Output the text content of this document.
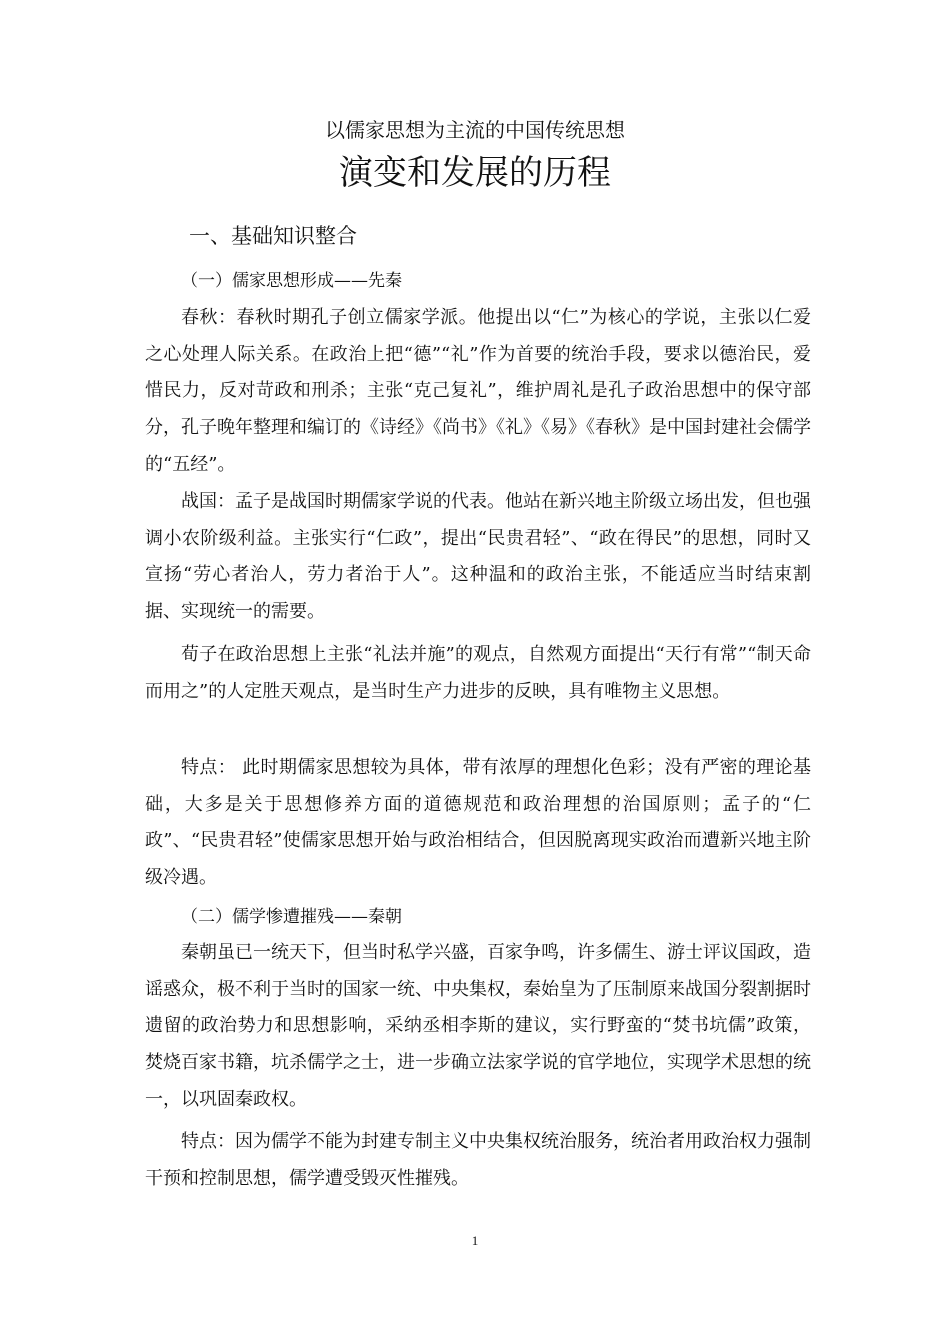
以儒家思想为主流的中国传统思想
演变和发展的历程
一、基础知识整合
（一）儒家思想形成——先秦
春秋：春秋时期孔子创立儒家学派。他提出以“仁”为核心的学说，主张以仁爱之心处理人际关系。在政治上把“德”“礼”作为首要的统治手段，要求以德治民，爱惜民力，反对苛政和刑杀；主张“克己复礼”，维护周礼是孔子政治思想中的保守部分，孔子晚年整理和编订的《诗经》《尚书》《礼》《易》《春秋》是中国封建社会儒学的“五经”。
战国：孟子是战国时期儒家学说的代表。他站在新兴地主阶级立场出发，但也强调小农阶级利益。主张实行“仁政”，提出“民贵君轻”、“政在得民”的思想，同时又宣扬“劳心者治人，劳力者治于人”。这种温和的政治主张，不能适应当时结束割据、实现统一的需要。
荀子在政治思想上主张“礼法并施”的观点，自然观方面提出“天行有常”“制天命而用之”的人定胜天观点，是当时生产力进步的反映，具有唯物主义思想。
特点： 此时期儒家思想较为具体，带有浓厚的理想化色彩；没有严密的理论基础，大多是关于思想修养方面的道德规范和政治理想的治国原则；孟子的“仁政”、“民贵君轻”使儒家思想开始与政治相结合，但因脱离现实政治而遭新兴地主阶级冷遇。
（二）儒学惨遭摧残——秦朝
秦朝虽已一统天下，但当时私学兴盛，百家争鸣，许多儒生、游士评议国政，造谣惑众，极不利于当时的国家一统、中央集权，秦始皇为了压制原来战国分裂割据时遗留的政治势力和思想影响，采纳丞相李斯的建议，实行野蛮的“焚书坑儒”政策，焚烧百家书籍，坑杀儒学之士，进一步确立法家学说的官学地位，实现学术思想的统一，以巩固秦政权。
特点：因为儒学不能为封建专制主义中央集权统治服务，统治者用政治权力强制干预和控制思想，儒学遭受毁灭性摧残。
1
